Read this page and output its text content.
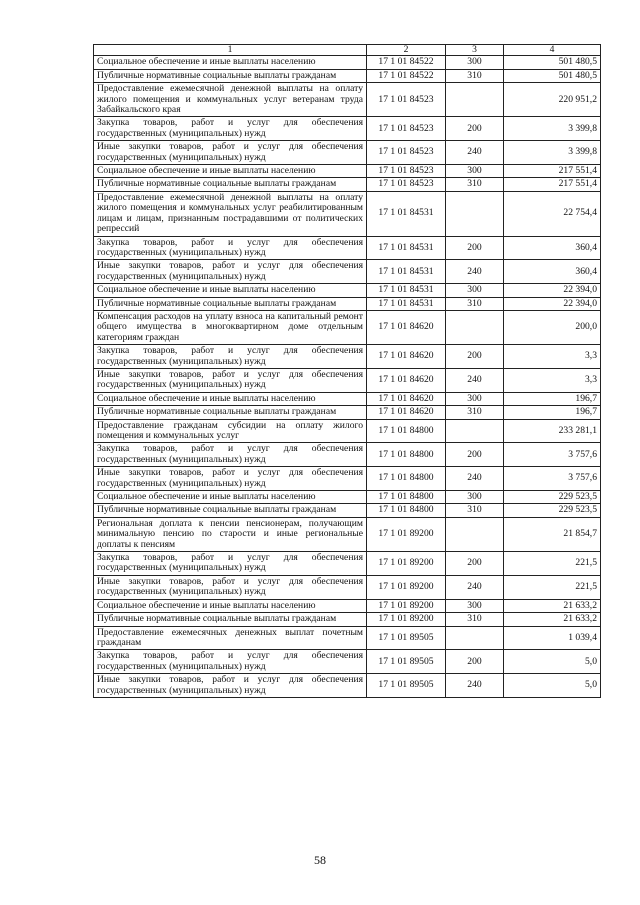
1	2	3	4
Социальное обеспечение и иные выплаты населению	17 1 01 84522	300	501 480,5
Публичные нормативные социальные выплаты гражданам	17 1 01 84522	310	501 480,5
Предоставление ежемесячной денежной выплаты на оплату жилого помещения и коммунальных услуг ветеранам труда Забайкальского края	17 1 01 84523		220 951,2
Закупка товаров, работ и услуг для обеспечения государственных (муниципальных) нужд	17 1 01 84523	200	3 399,8
Иные закупки товаров, работ и услуг для обеспечения государственных (муниципальных) нужд	17 1 01 84523	240	3 399,8
Социальное обеспечение и иные выплаты населению	17 1 01 84523	300	217 551,4
Публичные нормативные социальные выплаты гражданам	17 1 01 84523	310	217 551,4
Предоставление ежемесячной денежной выплаты на оплату жилого помещения и коммунальных услуг реабилитированным лицам и лицам, признанным пострадавшими от политических репрессий	17 1 01 84531		22 754,4
Закупка товаров, работ и услуг для обеспечения государственных (муниципальных) нужд	17 1 01 84531	200	360,4
Иные закупки товаров, работ и услуг для обеспечения государственных (муниципальных) нужд	17 1 01 84531	240	360,4
Социальное обеспечение и иные выплаты населению	17 1 01 84531	300	22 394,0
Публичные нормативные социальные выплаты гражданам	17 1 01 84531	310	22 394,0
Компенсация расходов на уплату взноса на капитальный ремонт общего имущества в многоквартирном доме отдельным категориям граждан	17 1 01 84620		200,0
Закупка товаров, работ и услуг для обеспечения государственных (муниципальных) нужд	17 1 01 84620	200	3,3
Иные закупки товаров, работ и услуг для обеспечения государственных (муниципальных) нужд	17 1 01 84620	240	3,3
Социальное обеспечение и иные выплаты населению	17 1 01 84620	300	196,7
Публичные нормативные социальные выплаты гражданам	17 1 01 84620	310	196,7
Предоставление гражданам субсидии на оплату жилого помещения и коммунальных услуг	17 1 01 84800		233 281,1
Закупка товаров, работ и услуг для обеспечения государственных (муниципальных) нужд	17 1 01 84800	200	3 757,6
Иные закупки товаров, работ и услуг для обеспечения государственных (муниципальных) нужд	17 1 01 84800	240	3 757,6
Социальное обеспечение и иные выплаты населению	17 1 01 84800	300	229 523,5
Публичные нормативные социальные выплаты гражданам	17 1 01 84800	310	229 523,5
Региональная доплата к пенсии пенсионерам, получающим минимальную пенсию по старости и иные региональные доплаты к пенсиям	17 1 01 89200		21 854,7
Закупка товаров, работ и услуг для обеспечения государственных (муниципальных) нужд	17 1 01 89200	200	221,5
Иные закупки товаров, работ и услуг для обеспечения государственных (муниципальных) нужд	17 1 01 89200	240	221,5
Социальное обеспечение и иные выплаты населению	17 1 01 89200	300	21 633,2
Публичные нормативные социальные выплаты гражданам	17 1 01 89200	310	21 633,2
Предоставление ежемесячных денежных выплат почетным гражданам	17 1 01 89505		1 039,4
Закупка товаров, работ и услуг для обеспечения государственных (муниципальных) нужд	17 1 01 89505	200	5,0
Иные закупки товаров, работ и услуг для обеспечения государственных (муниципальных) нужд	17 1 01 89505	240	5,0
58
